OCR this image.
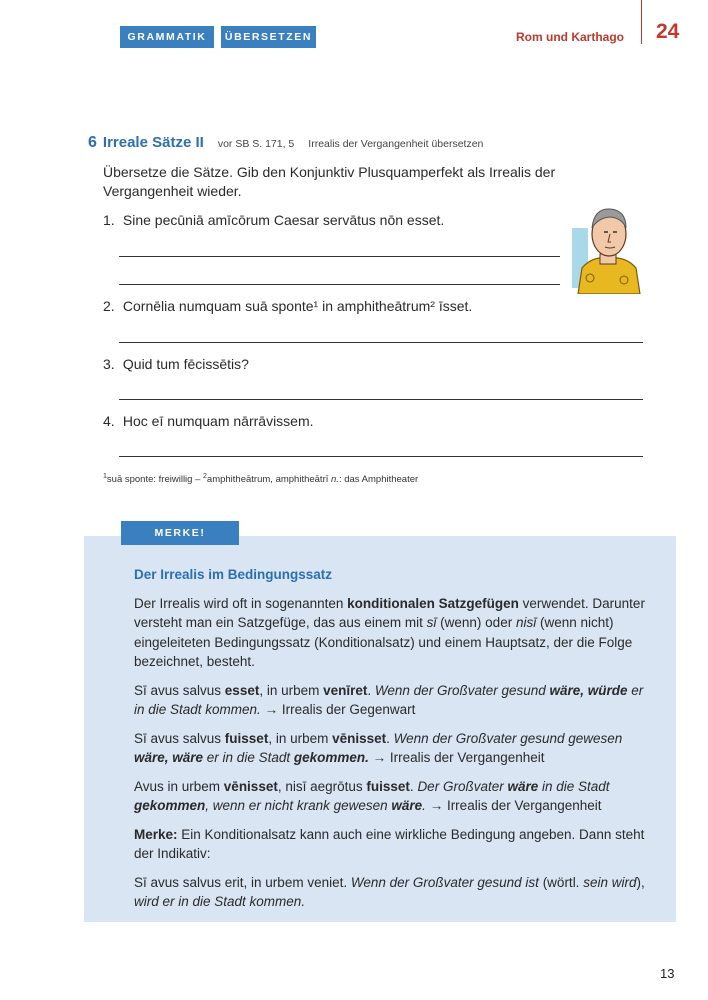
GRAMMATIK	ÜBERSETZEN	Rom und Karthago 24
6 Irreale Sätze II vor SB S. 171, 5 Irrealis der Vergangenheit übersetzen
Übersetze die Sätze. Gib den Konjunktiv Plusquamperfekt als Irrealis der Vergangenheit wieder.
1. Sine pecūniā amīcōrum Caesar servātus nōn esset.
2. Cornēlia numquam suā sponte¹ in amphitheātrum² īsset.
3. Quid tum fēcissētis?
4. Hoc eī numquam nārrāvissem.
$^1$suā sponte: freiwillig – $^2$amphitheātrum, amphitheātrī n.: das Amphitheater
MERKE!
Der Irrealis im Bedingungssatz

Der Irrealis wird oft in sogenannten konditionalen Satzgefügen verwendet. Darunter versteht man ein Satzgefüge, das aus einem mit sī (wenn) oder nisī (wenn nicht) eingeleiteten Bedingungssatz (Konditionalsatz) und einem Hauptsatz, der die Folge bezeichnet, besteht.

Sī avus salvus esset, in urbem venīret. Wenn der Großvater gesund wäre, würde er in die Stadt kommen. → Irrealis der Gegenwart

Sī avus salvus fuisset, in urbem vēnisset. Wenn der Großvater gesund gewesen wäre, wäre er in die Stadt gekommen. → Irrealis der Vergangenheit

Avus in urbem vēnisset, nisī aegrōtus fuisset. Der Großvater wäre in die Stadt gekommen, wenn er nicht krank gewesen wäre. → Irrealis der Vergangenheit

Merke: Ein Konditionalsatz kann auch eine wirkliche Bedingung angeben. Dann steht der Indikativ:

Sī avus salvus erit, in urbem veniet. Wenn der Großvater gesund ist (wörtl. sein wird), wird er in die Stadt kommen.

13
